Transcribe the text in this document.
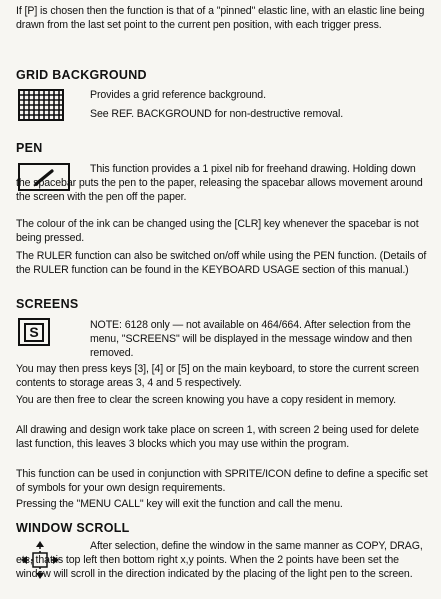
If [P] is chosen then the function is that of a "pinned" elastic line, with an elastic line being drawn from the last set point to the current pen position, with each trigger press.

GRID BACKGROUND

Provides a grid reference background.

See REF. BACKGROUND for non-destructive removal.

PEN

This function provides a 1 pixel nib for freehand drawing. Holding down the spacebar puts the pen to the paper, releasing the spacebar allows movement around the screen with the pen off the paper.

The colour of the ink can be changed using the [CLR] key whenever the spacebar is not being pressed.

The RULER function can also be switched on/off while using the PEN function. (Details of the RULER function can be found in the KEYBOARD USAGE section of this manual.)

SCREENS
S	NOTE: 6128 only — not available on 464/664. After selection from the menu, "SCREENS" will be displayed in the message window and then removed.

You may then press keys [3], [4] or [5] on the main keyboard, to store the current screen contents to storage areas 3, 4 and 5 respectively.

You are then free to clear the screen knowing you have a copy resident in memory.

All drawing and design work take place on screen 1, with screen 2 being used for delete last function, this leaves 3 blocks which you may use within the program.

This function can be used in conjunction with SPRITE/ICON define to define a specific set of symbols for your own design requirements.

Pressing the "MENU CALL" key will exit the function and call the menu.

WINDOW SCROLL

After selection, define the window in the same manner as COPY, DRAG, etc, that is top left then bottom right x,y points. When the 2 points have been set the window will scroll in the direction indicated by the placing of the light pen to the screen.
